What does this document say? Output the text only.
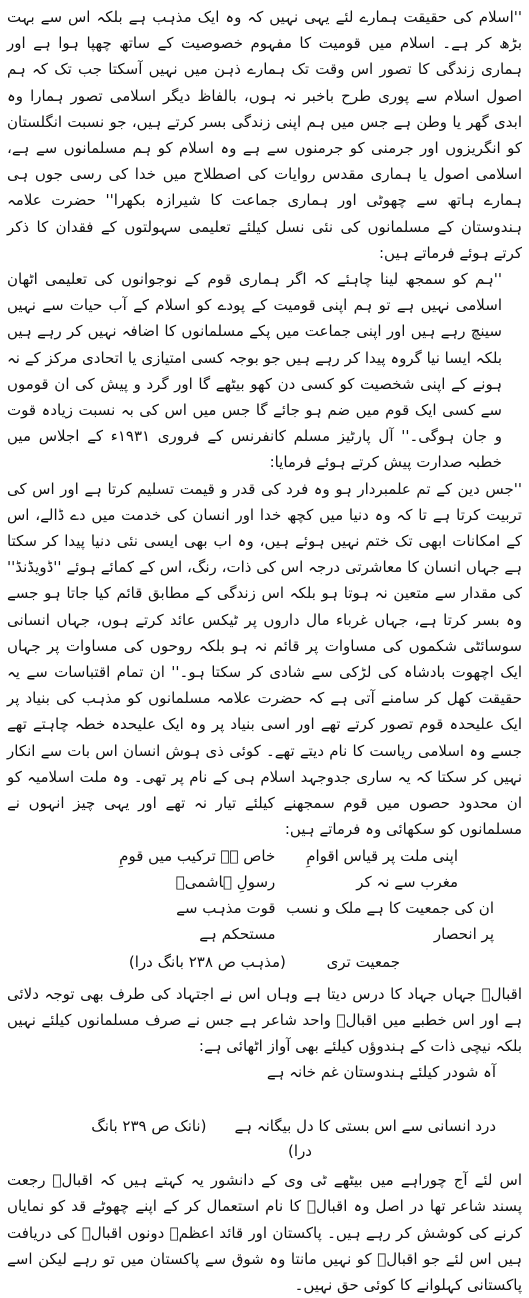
''اسلام کی حقیقت ہمارے لئے یہی نہیں کہ وہ ایک مذہب ہے بلکہ اس سے بہت بڑھ کر ہے۔ اسلام میں قومیت کا مفہوم خصوصیت کے ساتھ چھپا ہوا ہے اور ہماری زندگی کا تصور اس وقت تک ہمارے ذہن میں نہیں آسکتا جب تک کہ ہم اصول اسلام سے پوری طرح باخبر نہ ہوں، بالفاظ دیگر اسلامی تصور ہمارا وہ ابدی گھر یا وطن ہے جس میں ہم اپنی زندگی بسر کرتے ہیں، جو نسبت انگلستان کو انگریزوں اور جرمنی کو جرمنوں سے ہے وہ اسلام کو ہم مسلمانوں سے ہے، اسلامی اصول یا ہماری مقدس روایات کی اصطلاح میں خدا کی رسی جوں ہی ہمارے ہاتھ سے چھوٹی اور ہماری جماعت کا شیرازہ بکھرا'' حضرت علامہ ہندوستان کے مسلمانوں کی نئی نسل کیلئے تعلیمی سہولتوں کے فقدان کا ذکر کرتے ہوئے فرماتے ہیں:

''ہم کو سمجھ لینا چاہئے کہ اگر ہماری قوم کے نوجوانوں کی تعلیمی اٹھان اسلامی نہیں ہے تو ہم اپنی قومیت کے پودے کو اسلام کے آب حیات سے نہیں سینچ رہے ہیں اور اپنی جماعت میں پکے مسلمانوں کا اضافہ نہیں کر رہے ہیں بلکہ ایسا نیا گروہ پیدا کر رہے ہیں جو بوجہ کسی امتیازی یا اتحادی مرکز کے نہ ہونے کے اپنی شخصیت کو کسی دن کھو بیٹھے گا اور گرد و پیش کی ان قوموں سے کسی ایک قوم میں ضم ہو جائے گا جس میں اس کی بہ نسبت زیادہ قوت و جان ہوگی۔'' آل پارٹیز مسلم کانفرنس کے فروری ١٩٣١ء کے اجلاس میں خطبہ صدارت پیش کرتے ہوئے فرمایا:

''جس دین کے تم علمبردار ہو وہ فرد کی قدر و قیمت تسلیم کرتا ہے اور اس کی تربیت کرتا ہے تا کہ وہ دنیا میں کچھ خدا اور انسان کی خدمت میں دے ڈالے، اس کے امکانات ابھی تک ختم نہیں ہوئے ہیں، وہ اب بھی ایسی نئی دنیا پیدا کر سکتا ہے جہاں انسان کا معاشرتی درجہ اس کی ذات، رنگ، اس کے کمائے ہوئے ''ڈویڈنڈ'' کی مقدار سے متعین نہ ہوتا ہو بلکہ اس زندگی کے مطابق قائم کیا جاتا ہو جسے وہ بسر کرتا ہے، جہاں غرباء مال داروں پر ٹیکس عائد کرتے ہوں، جہاں انسانی سوسائٹی شکموں کی مساوات پر قائم نہ ہو بلکہ روحوں کی مساوات پر جہاں ایک اچھوت بادشاہ کی لڑکی سے شادی کر سکتا ہو۔'' ان تمام اقتباسات سے یہ حقیقت کھل کر سامنے آتی ہے کہ حضرت علامہ مسلمانوں کو مذہب کی بنیاد پر ایک علیحدہ قوم تصور کرتے تھے اور اسی بنیاد پر وہ ایک علیحدہ خطہ چاہتے تھے جسے وہ اسلامی ریاست کا نام دیتے تھے۔ کوئی ذی ہوش انسان اس بات سے انکار نہیں کر سکتا کہ یہ ساری جدوجہد اسلام ہی کے نام پر تھی۔ وہ ملت اسلامیہ کو ان محدود حصوں میں قوم سمجھنے کیلئے تیار نہ تھے اور یہی چیز انہوں نے مسلمانوں کو سکھائی وہ فرماتے ہیں:

اپنی ملت پر قیاس اقوامِ مغرب سے نہ کر
خاص ہے ترکیب میں قومِ رسولِ ہاشمیؐ
ان کی جمعیت کا ہے ملک و نسب پر انحصار
قوت مذہب سے مستحکم ہے
جمعیت تری (مذہب ص ٢٣٨ بانگ درا)

اقبالؒ جہاں جہاد کا درس دیتا ہے وہاں اس نے اجتہاد کی طرف بھی توجہ دلائی ہے اور اس خطبے میں اقبالؒ واحد شاعر ہے جس نے صرف مسلمانوں کیلئے نہیں بلکہ نیچی ذات کے ہندوؤں کیلئے بھی آواز اٹھائی ہے:

آہ شودر کیلئے ہندوستان غم خانہ ہے
درد انسانی سے اس بستی کا دل بیگانہ ہے
(نانک ص ٢٣٩ بانگ
درا)

اس لئے آج چوراہے میں بیٹھے ٹی وی کے دانشور یہ کہتے ہیں کہ اقبالؒ رجعت پسند شاعر تھا در اصل وہ اقبالؒ کا نام استعمال کر کے اپنے چھوٹے قد کو نمایاں کرنے کی کوشش کر رہے ہیں۔ پاکستان اور قائد اعظمؒ دونوں اقبالؒ کی دریافت ہیں اس لئے جو اقبالؒ کو نہیں مانتا وہ شوق سے پاکستان میں تو رہے لیکن اسے پاکستانی کہلوانے کا کوئی حق نہیں۔
